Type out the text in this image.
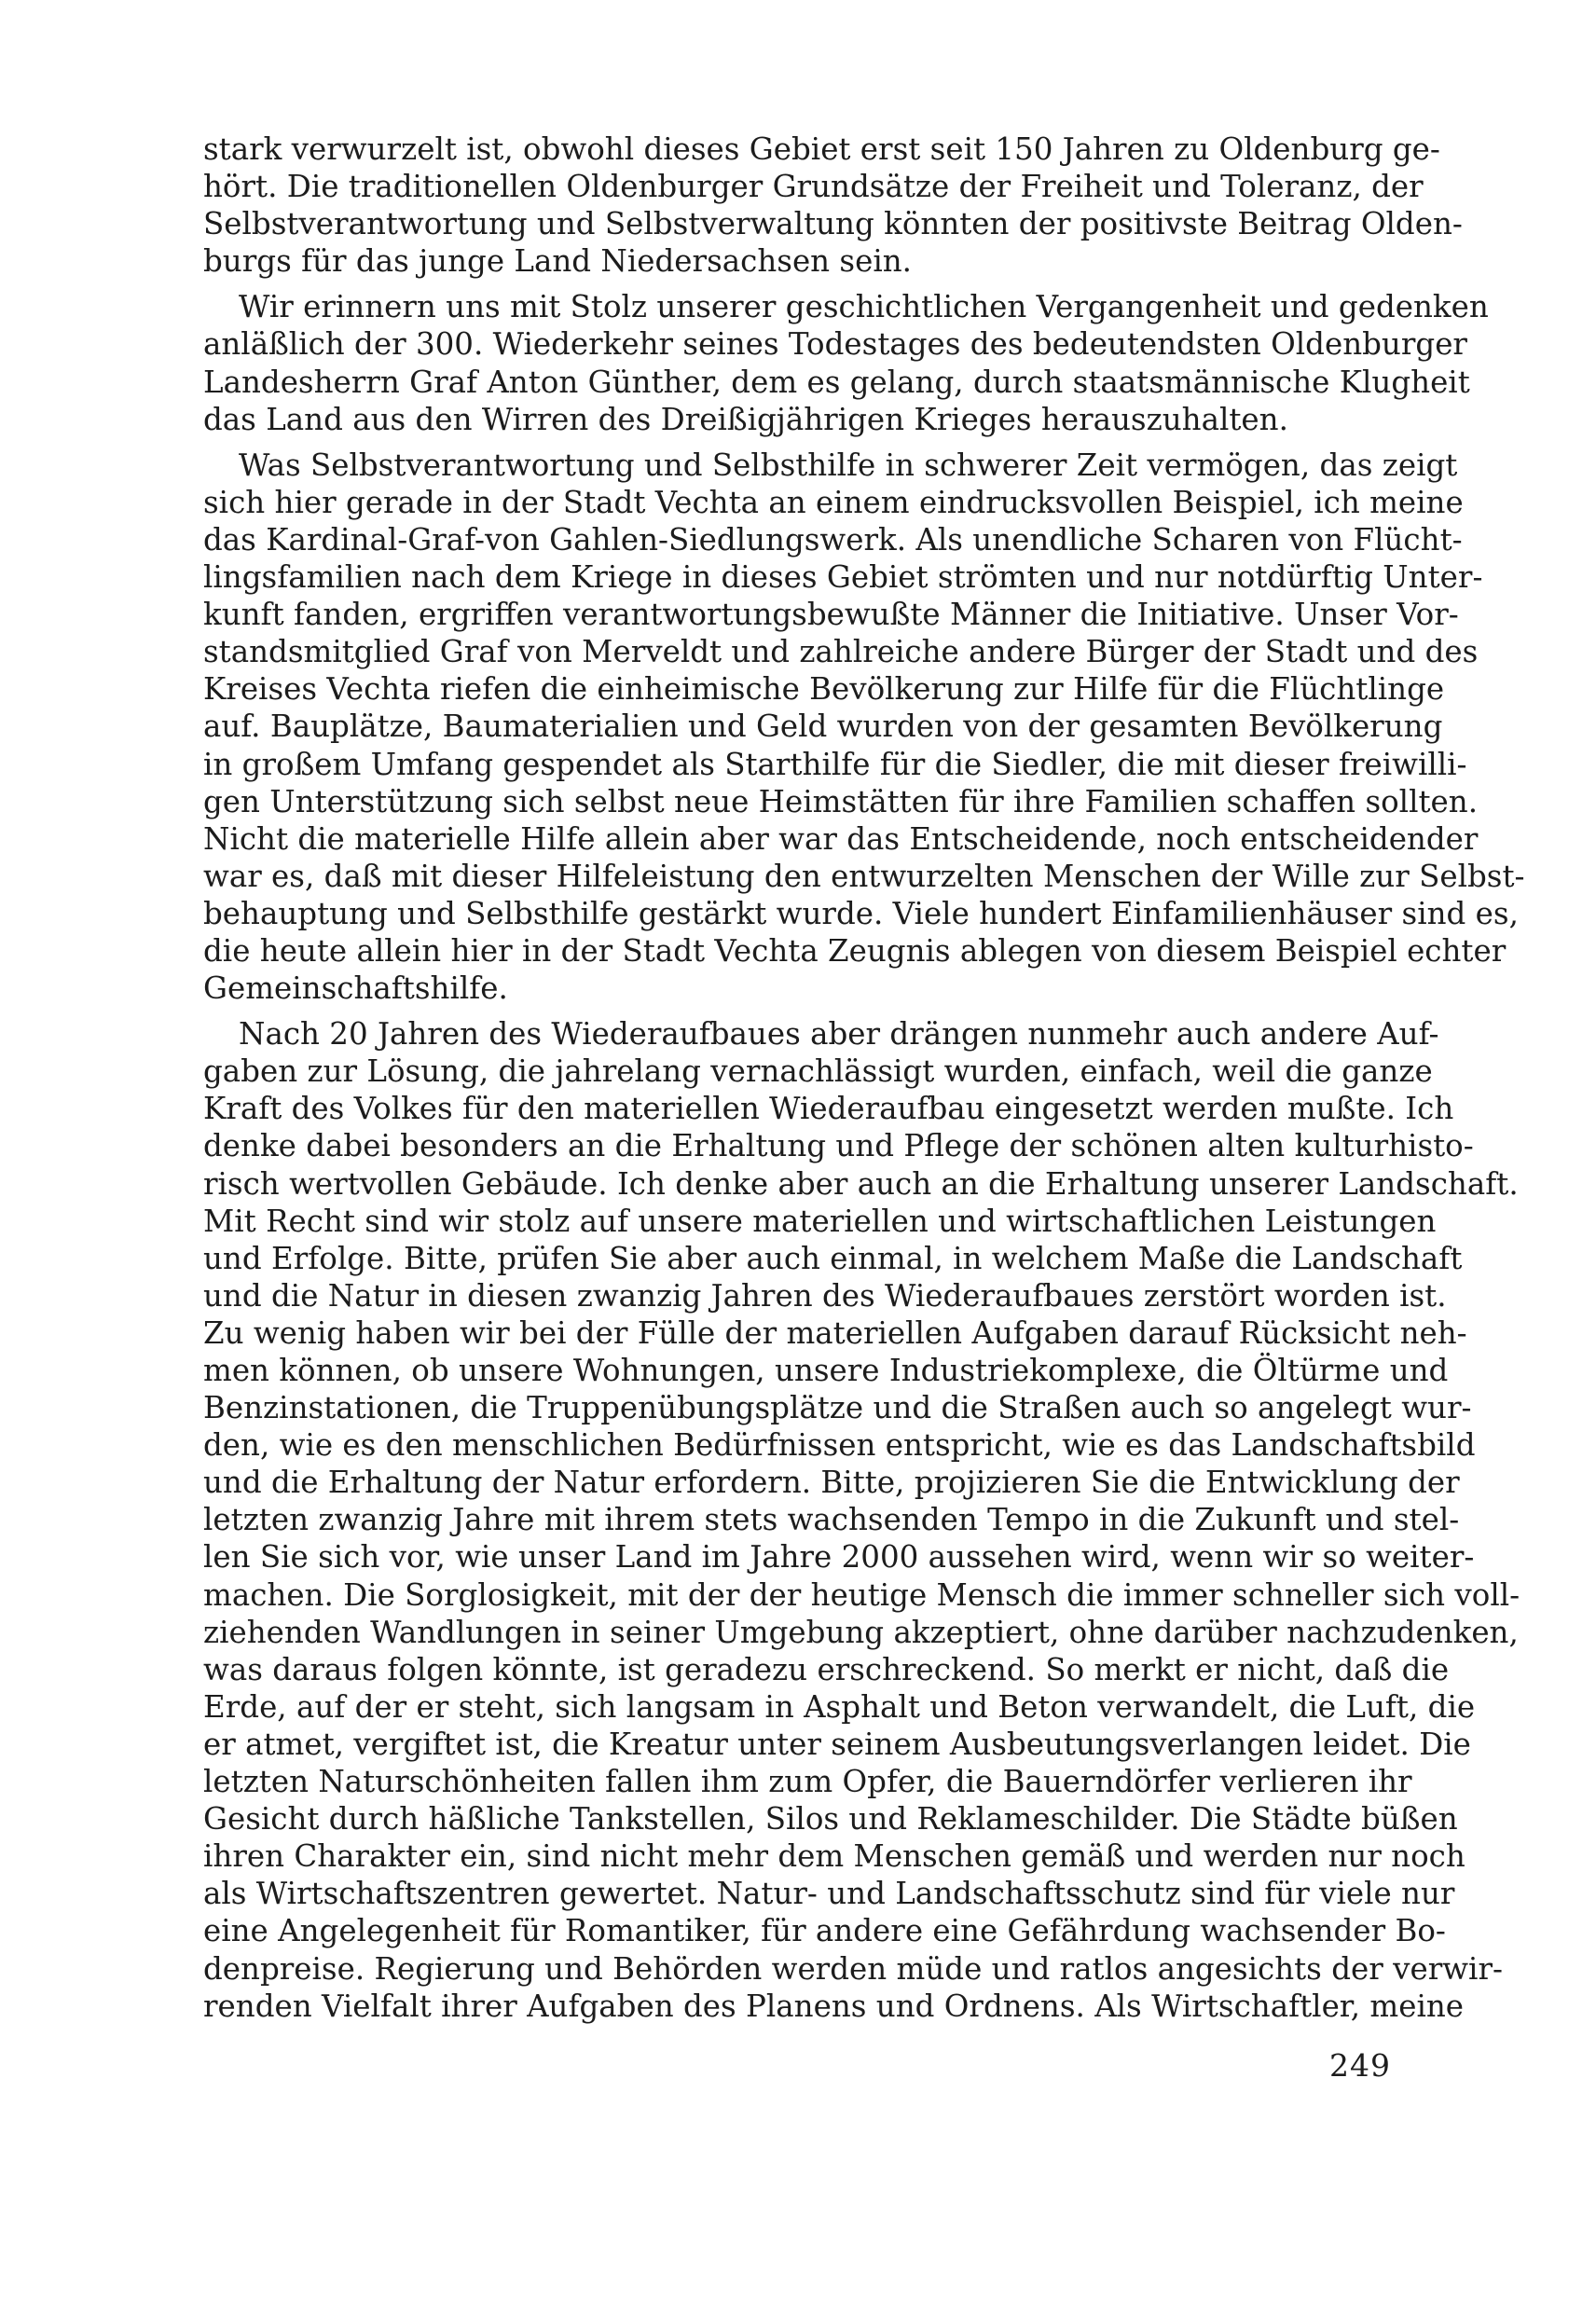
stark verwurzelt ist, obwohl dieses Gebiet erst seit 150 Jahren zu Oldenburg ge-
hört. Die traditionellen Oldenburger Grundsätze der Freiheit und Toleranz, der
Selbstverantwortung und Selbstverwaltung könnten der positivste Beitrag Olden-
burgs für das junge Land Niedersachsen sein.
Wir erinnern uns mit Stolz unserer geschichtlichen Vergangenheit und gedenken
anläßlich der 300. Wiederkehr seines Todestages des bedeutendsten Oldenburger
Landesherrn Graf Anton Günther, dem es gelang, durch staatsmännische Klugheit
das Land aus den Wirren des Dreißigjährigen Krieges herauszuhalten.
Was Selbstverantwortung und Selbsthilfe in schwerer Zeit vermögen, das zeigt
sich hier gerade in der Stadt Vechta an einem eindrucksvollen Beispiel, ich meine
das Kardinal-Graf-von Gahlen-Siedlungswerk. Als unendliche Scharen von Flücht-
lingsfamilien nach dem Kriege in dieses Gebiet strömten und nur notdürftig Unter-
kunft fanden, ergriffen verantwortungsbewußte Männer die Initiative. Unser Vor-
standsmitglied Graf von Merveldt und zahlreiche andere Bürger der Stadt und des
Kreises Vechta riefen die einheimische Bevölkerung zur Hilfe für die Flüchtlinge
auf. Bauplätze, Baumaterialien und Geld wurden von der gesamten Bevölkerung
in großem Umfang gespendet als Starthilfe für die Siedler, die mit dieser freiwilli-
gen Unterstützung sich selbst neue Heimstätten für ihre Familien schaffen sollten.
Nicht die materielle Hilfe allein aber war das Entscheidende, noch entscheidender
war es, daß mit dieser Hilfeleistung den entwurzelten Menschen der Wille zur Selbst-
behauptung und Selbsthilfe gestärkt wurde. Viele hundert Einfamilienhäuser sind es,
die heute allein hier in der Stadt Vechta Zeugnis ablegen von diesem Beispiel echter
Gemeinschaftshilfe.
Nach 20 Jahren des Wiederaufbaues aber drängen nunmehr auch andere Auf-
gaben zur Lösung, die jahrelang vernachlässigt wurden, einfach, weil die ganze
Kraft des Volkes für den materiellen Wiederaufbau eingesetzt werden mußte. Ich
denke dabei besonders an die Erhaltung und Pflege der schönen alten kulturhisto-
risch wertvollen Gebäude. Ich denke aber auch an die Erhaltung unserer Landschaft.
Mit Recht sind wir stolz auf unsere materiellen und wirtschaftlichen Leistungen
und Erfolge. Bitte, prüfen Sie aber auch einmal, in welchem Maße die Landschaft
und die Natur in diesen zwanzig Jahren des Wiederaufbaues zerstört worden ist.
Zu wenig haben wir bei der Fülle der materiellen Aufgaben darauf Rücksicht neh-
men können, ob unsere Wohnungen, unsere Industriekomplexe, die Öltürme und
Benzinstationen, die Truppenübungsplätze und die Straßen auch so angelegt wur-
den, wie es den menschlichen Bedürfnissen entspricht, wie es das Landschaftsbild
und die Erhaltung der Natur erfordern. Bitte, projizieren Sie die Entwicklung der
letzten zwanzig Jahre mit ihrem stets wachsenden Tempo in die Zukunft und stel-
len Sie sich vor, wie unser Land im Jahre 2000 aussehen wird, wenn wir so weiter-
machen. Die Sorglosigkeit, mit der der heutige Mensch die immer schneller sich voll-
ziehenden Wandlungen in seiner Umgebung akzeptiert, ohne darüber nachzudenken,
was daraus folgen könnte, ist geradezu erschreckend. So merkt er nicht, daß die
Erde, auf der er steht, sich langsam in Asphalt und Beton verwandelt, die Luft, die
er atmet, vergiftet ist, die Kreatur unter seinem Ausbeutungsverlangen leidet. Die
letzten Naturschönheiten fallen ihm zum Opfer, die Bauerndörfer verlieren ihr
Gesicht durch häßliche Tankstellen, Silos und Reklameschilder. Die Städte büßen
ihren Charakter ein, sind nicht mehr dem Menschen gemäß und werden nur noch
als Wirtschaftszentren gewertet. Natur- und Landschaftsschutz sind für viele nur
eine Angelegenheit für Romantiker, für andere eine Gefährdung wachsender Bo-
denpreise. Regierung und Behörden werden müde und ratlos angesichts der verwir-
renden Vielfalt ihrer Aufgaben des Planens und Ordnens. Als Wirtschaftler, meine
249
